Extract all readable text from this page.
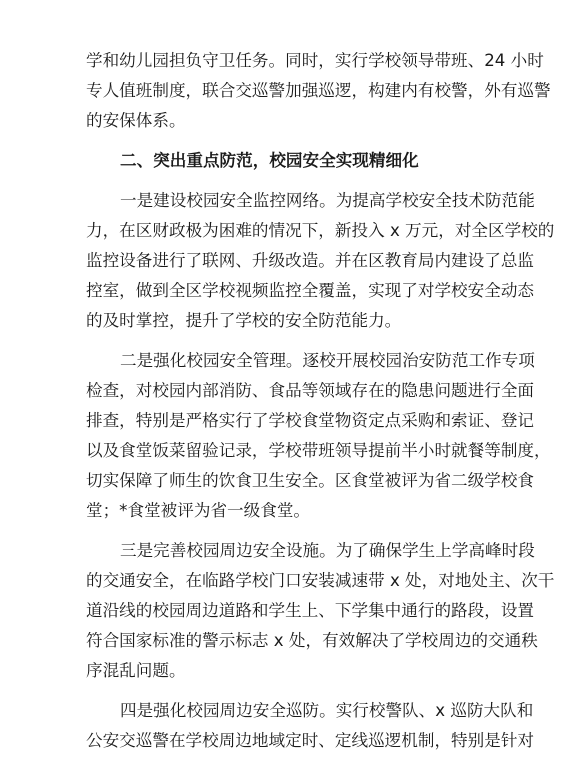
学和幼儿园担负守卫任务。同时，实行学校领导带班、24 小时
专人值班制度，联合交巡警加强巡逻，构建内有校警，外有巡警
的安保体系。
二、突出重点防范，校园安全实现精细化
一是建设校园安全监控网络。为提高学校安全技术防范能
力，在区财政极为困难的情况下，新投入 x 万元，对全区学校的
监控设备进行了联网、升级改造。并在区教育局内建设了总监
控室，做到全区学校视频监控全覆盖，实现了对学校安全动态
的及时掌控，提升了学校的安全防范能力。
二是强化校园安全管理。逐校开展校园治安防范工作专项
检查，对校园内部消防、食品等领域存在的隐患问题进行全面
排查，特别是严格实行了学校食堂物资定点采购和索证、登记
以及食堂饭菜留验记录，学校带班领导提前半小时就餐等制度，
切实保障了师生的饮食卫生安全。区食堂被评为省二级学校食
堂；*食堂被评为省一级食堂。
三是完善校园周边安全设施。为了确保学生上学高峰时段
的交通安全，在临路学校门口安装减速带 x 处，对地处主、次干
道沿线的校园周边道路和学生上、下学集中通行的路段，设置
符合国家标准的警示标志 x 处，有效解决了学校周边的交通秩
序混乱问题。
四是强化校园周边安全巡防。实行校警队、x 巡防大队和
公安交巡警在学校周边地域定时、定线巡逻机制，特别是针对
